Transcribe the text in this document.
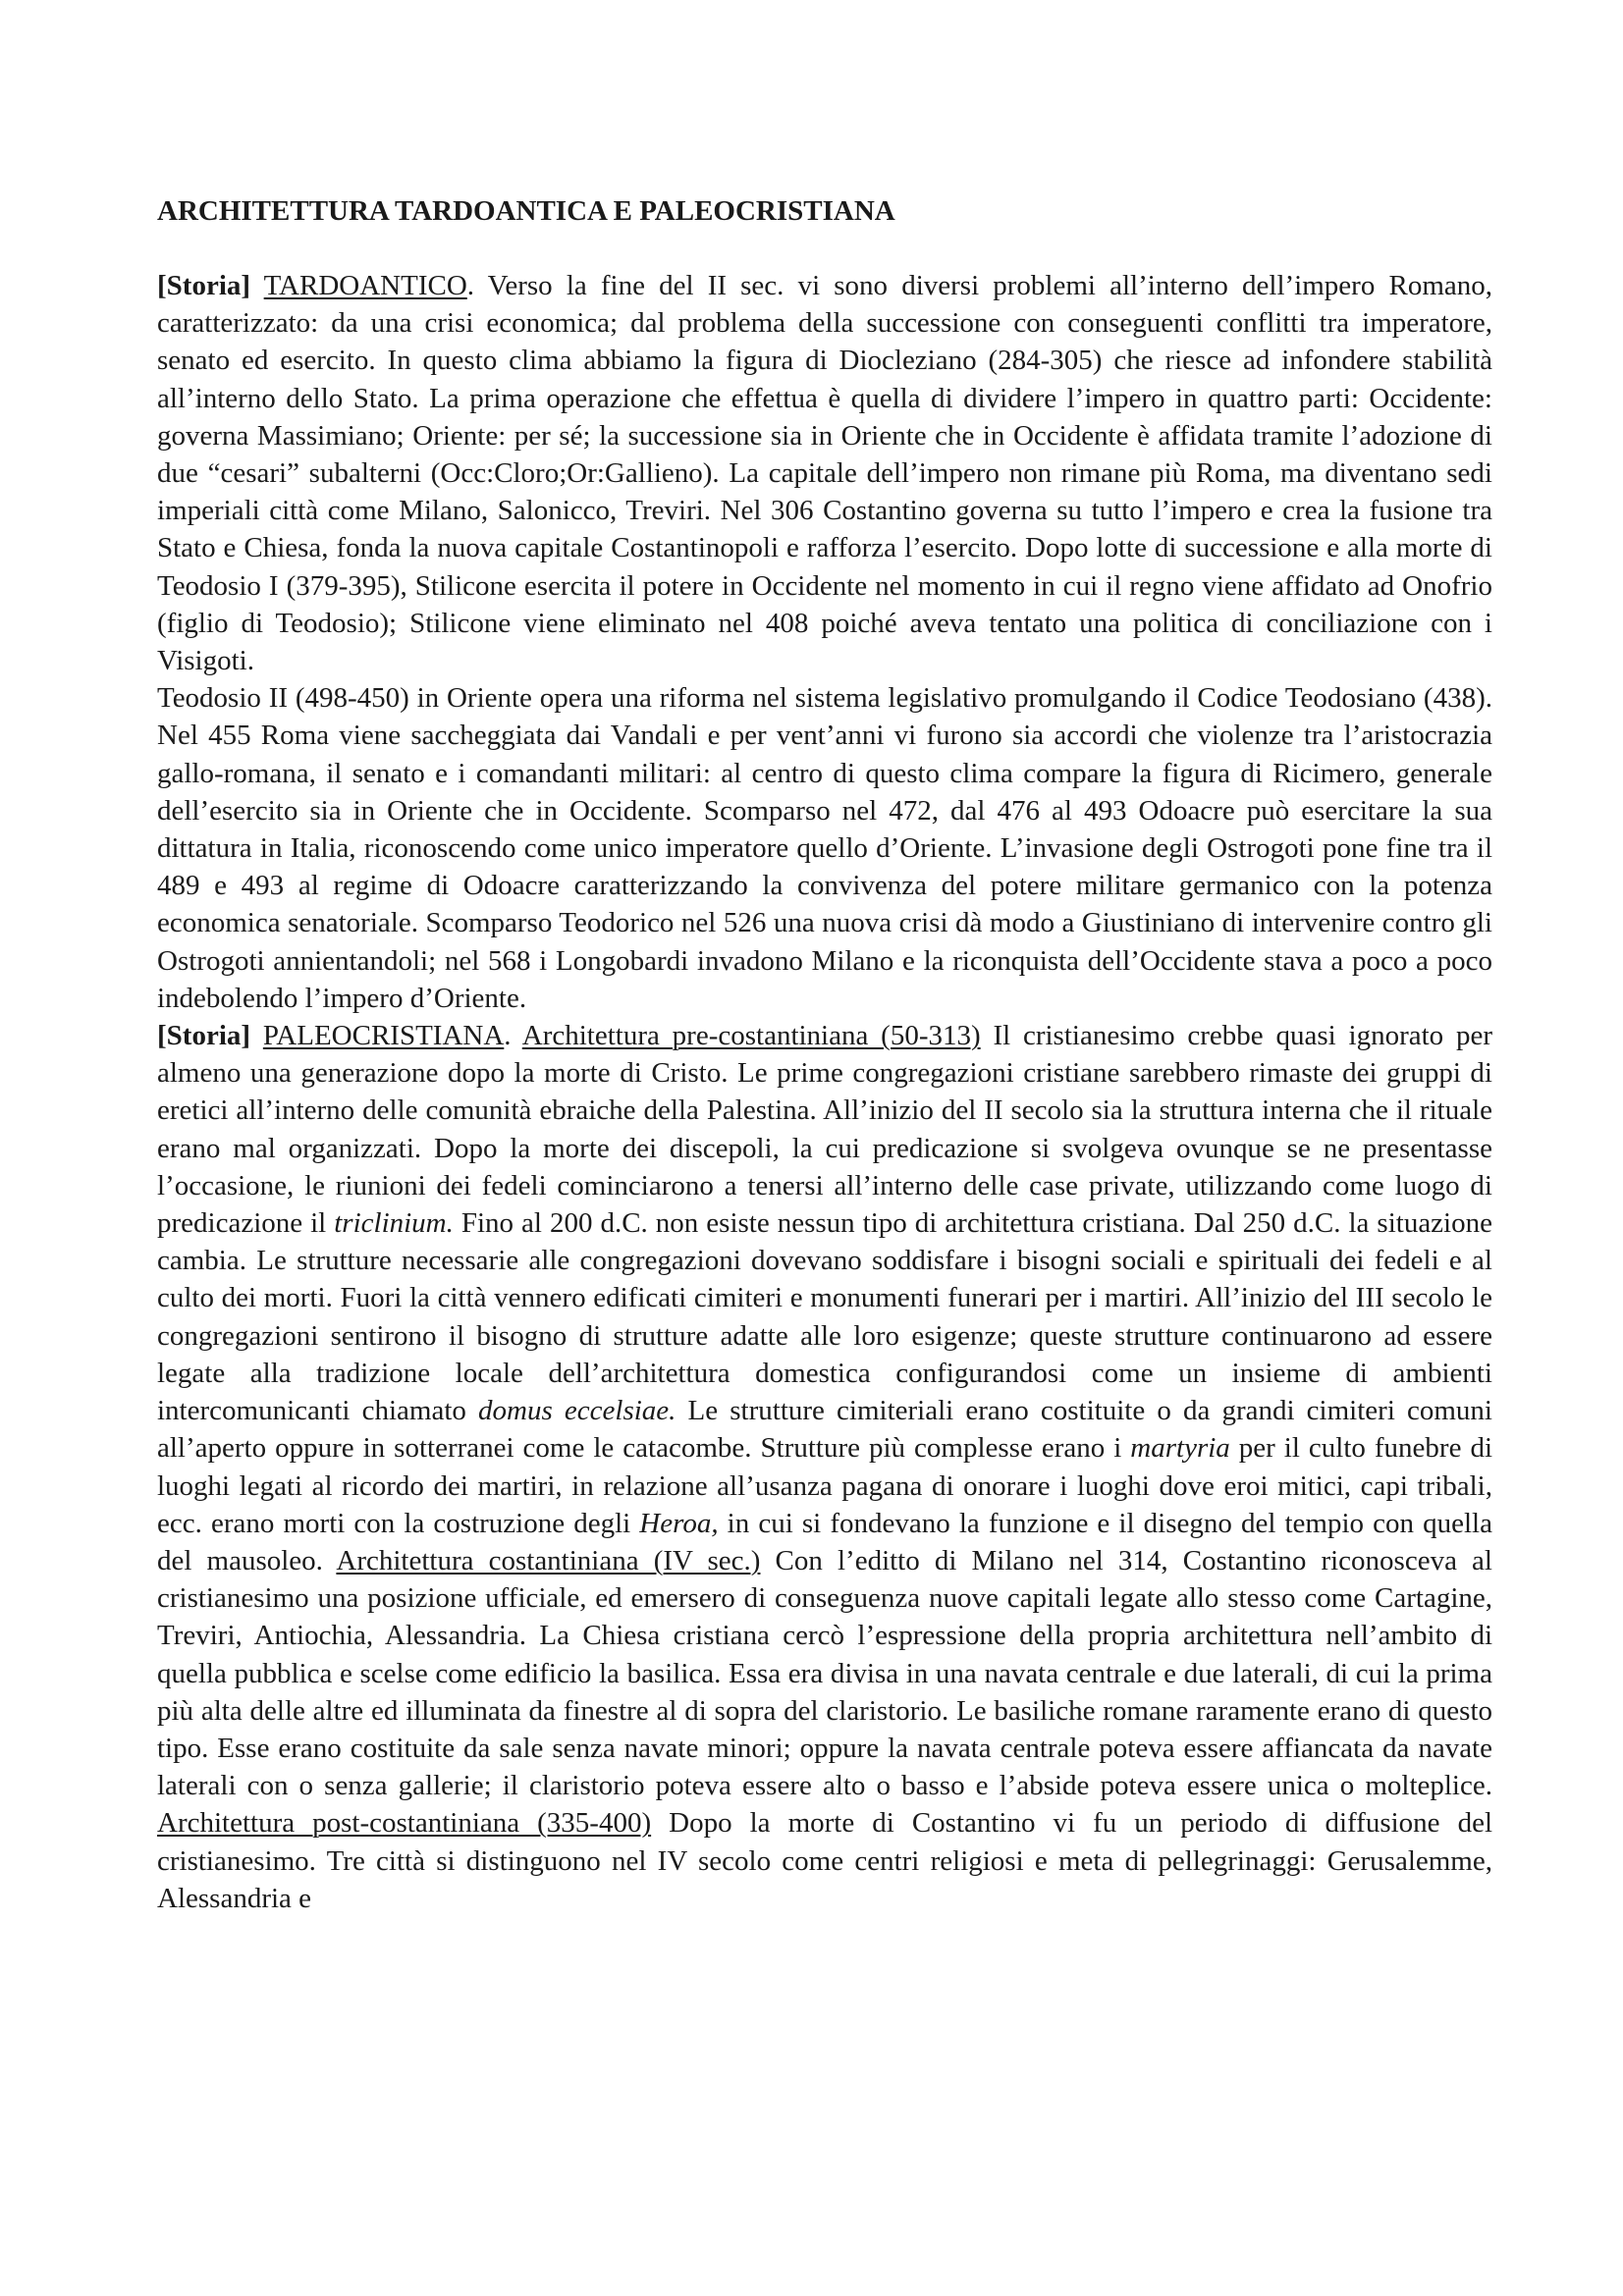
ARCHITETTURA TARDOANTICA E PALEOCRISTIANA

[Storia] TARDOANTICO. Verso la fine del II sec. vi sono diversi problemi all’interno dell’impero Romano, caratterizzato: da una crisi economica; dal problema della successione con conseguenti conflitti tra imperatore, senato ed esercito. In questo clima abbiamo la figura di Diocleziano (284-305) che riesce ad infondere stabilità all’interno dello Stato. La prima operazione che effettua è quella di dividere l’impero in quattro parti: Occidente: governa Massimiano; Oriente: per sé; la successione sia in Oriente che in Occidente è affidata tramite l’adozione di due “cesari” subalterni (Occ:Cloro;Or:Gallieno). La capitale dell’impero non rimane più Roma, ma diventano sedi imperiali città come Milano, Salonicco, Treviri. Nel 306 Costantino governa su tutto l’impero e crea la fusione tra Stato e Chiesa, fonda la nuova capitale Costantinopoli e rafforza l’esercito. Dopo lotte di successione e alla morte di Teodosio I (379-395), Stilicone esercita il potere in Occidente nel momento in cui il regno viene affidato ad Onofrio (figlio di Teodosio); Stilicone viene eliminato nel 408 poiché aveva tentato una politica di conciliazione con i Visigoti.

Teodosio II (498-450) in Oriente opera una riforma nel sistema legislativo promulgando il Codice Teodosiano (438). Nel 455 Roma viene saccheggiata dai Vandali e per vent’anni vi furono sia accordi che violenze tra l’aristocrazia gallo-romana, il senato e i comandanti militari: al centro di questo clima compare la figura di Ricimero, generale dell’esercito sia in Oriente che in Occidente. Scomparso nel 472, dal 476 al 493 Odoacre può esercitare la sua dittatura in Italia, riconoscendo come unico imperatore quello d’Oriente. L’invasione degli Ostrogoti pone fine tra il 489 e 493 al regime di Odoacre caratterizzando la convivenza del potere militare germanico con la potenza economica senatoriale. Scomparso Teodorico nel 526 una nuova crisi dà modo a Giustiniano di intervenire contro gli Ostrogoti annientandoli; nel 568 i Longobardi invadono Milano e la riconquista dell’Occidente stava a poco a poco indebolendo l’impero d’Oriente.

[Storia] PALEOCRISTIANA. Architettura pre-costantiniana (50-313) Il cristianesimo crebbe quasi ignorato per almeno una generazione dopo la morte di Cristo. Le prime congregazioni cristiane sarebbero rimaste dei gruppi di eretici all’interno delle comunità ebraiche della Palestina. All’inizio del II secolo sia la struttura interna che il rituale erano mal organizzati. Dopo la morte dei discepoli, la cui predicazione si svolgeva ovunque se ne presentasse l’occasione, le riunioni dei fedeli cominciarono a tenersi all’interno delle case private, utilizzando come luogo di predicazione il triclinium. Fino al 200 d.C. non esiste nessun tipo di architettura cristiana. Dal 250 d.C. la situazione cambia. Le strutture necessarie alle congregazioni dovevano soddisfare i bisogni sociali e spirituali dei fedeli e al culto dei morti. Fuori la città vennero edificati cimiteri e monumenti funerari per i martiri. All’inizio del III secolo le congregazioni sentirono il bisogno di strutture adatte alle loro esigenze; queste strutture continuarono ad essere legate alla tradizione locale dell’architettura domestica configurandosi come un insieme di ambienti intercomunicanti chiamato domus eccelsiae. Le strutture cimiteriali erano costituite o da grandi cimiteri comuni all’aperto oppure in sotterranei come le catacombe. Strutture più complesse erano i martyria per il culto funebre di luoghi legati al ricordo dei martiri, in relazione all’usanza pagana di onorare i luoghi dove eroi mitici, capi tribali, ecc. erano morti con la costruzione degli Heroa, in cui si fondevano la funzione e il disegno del tempio con quella del mausoleo. Architettura costantiniana (IV sec.) Con l’editto di Milano nel 314, Costantino riconosceva al cristianesimo una posizione ufficiale, ed emersero di conseguenza nuove capitali legate allo stesso come Cartagine, Treviri, Antiochia, Alessandria. La Chiesa cristiana cercò l’espressione della propria architettura nell’ambito di quella pubblica e scelse come edificio la basilica. Essa era divisa in una navata centrale e due laterali, di cui la prima più alta delle altre ed illuminata da finestre al di sopra del claristorio. Le basiliche romane raramente erano di questo tipo. Esse erano costituite da sale senza navate minori; oppure la navata centrale poteva essere affiancata da navate laterali con o senza gallerie; il claristorio poteva essere alto o basso e l’abside poteva essere unica o molteplice. Architettura post-costantiniana (335-400) Dopo la morte di Costantino vi fu un periodo di diffusione del cristianesimo. Tre città si distinguono nel IV secolo come centri religiosi e meta di pellegrinaggi: Gerusalemme, Alessandria e
